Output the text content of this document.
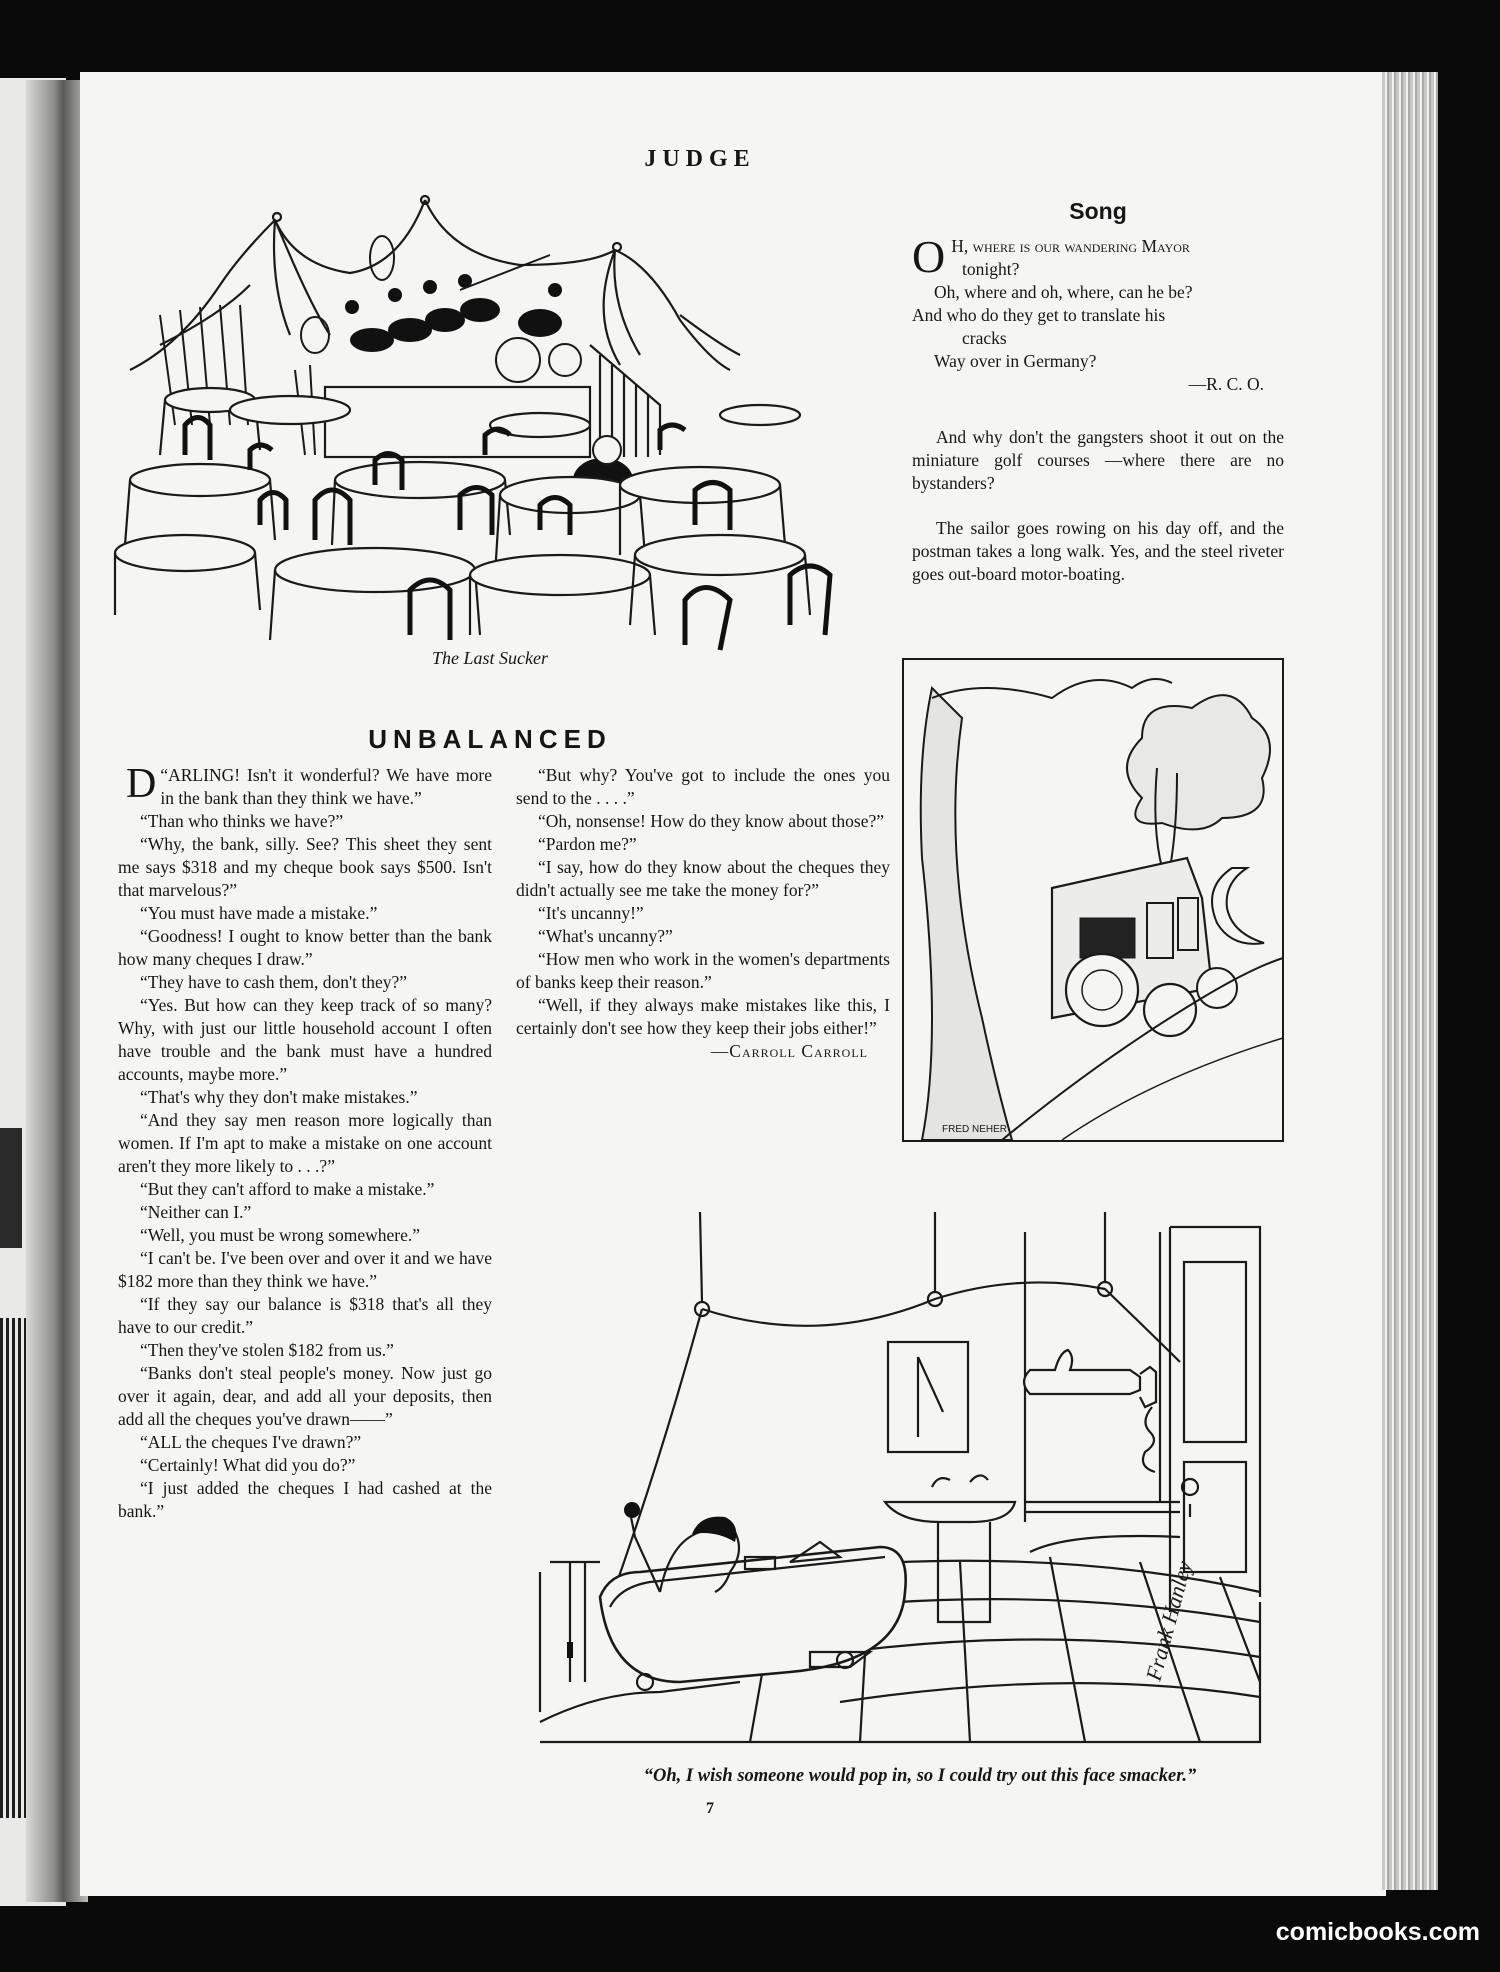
JUDGE
The Last Sucker
Song
O H, where is our wandering Mayor
tonight?
Oh, where and oh, where, can he be?
And who do they get to translate his
cracks
Way over in Germany?
—R. C. O.

And why don't the gangsters shoot it out on the miniature golf courses —where there are no bystanders?

The sailor goes rowing on his day off, and the postman takes a long walk. Yes, and the steel riveter goes out-board motor-boating.

FRED NEHER
UNBALANCED

“
D ARLING! Isn't it wonderful? We have more in the bank than they think we have.”

“Than who thinks we have?”

“Why, the bank, silly. See? This sheet they sent me says $318 and my cheque book says $500. Isn't that marvelous?”

“You must have made a mistake.”

“Goodness! I ought to know better than the bank how many cheques I draw.”

“They have to cash them, don't they?”

“Yes. But how can they keep track of so many? Why, with just our little household account I often have trouble and the bank must have a hundred accounts, maybe more.”

“That's why they don't make mistakes.”

“And they say men reason more logically than women. If I'm apt to make a mistake on one account aren't they more likely to . . .?”

“But they can't afford to make a mistake.”

“Neither can I.”

“Well, you must be wrong somewhere.”

“I can't be. I've been over and over it and we have $182 more than they think we have.”

“If they say our balance is $318 that's all they have to our credit.”

“Then they've stolen $182 from us.”

“Banks don't steal people's money. Now just go over it again, dear, and add all your deposits, then add all the cheques you've drawn——”

“ALL the cheques I've drawn?”

“Certainly! What did you do?”

“I just added the cheques I had cashed at the bank.”

“But why? You've got to include the ones you send to the . . . .”

“Oh, nonsense! How do they know about those?”

“Pardon me?”

“I say, how do they know about the cheques they didn't actually see me take the money for?”

“It's uncanny!”

“What's uncanny?”

“How men who work in the women's departments of banks keep their reason.”

“Well, if they always make mistakes like this, I certainly don't see how they keep their jobs either!”

—Carroll Carroll

Frank Hanley
“Oh, I wish someone would pop in, so I could try out this face smacker.”
7
comicbooks.com
